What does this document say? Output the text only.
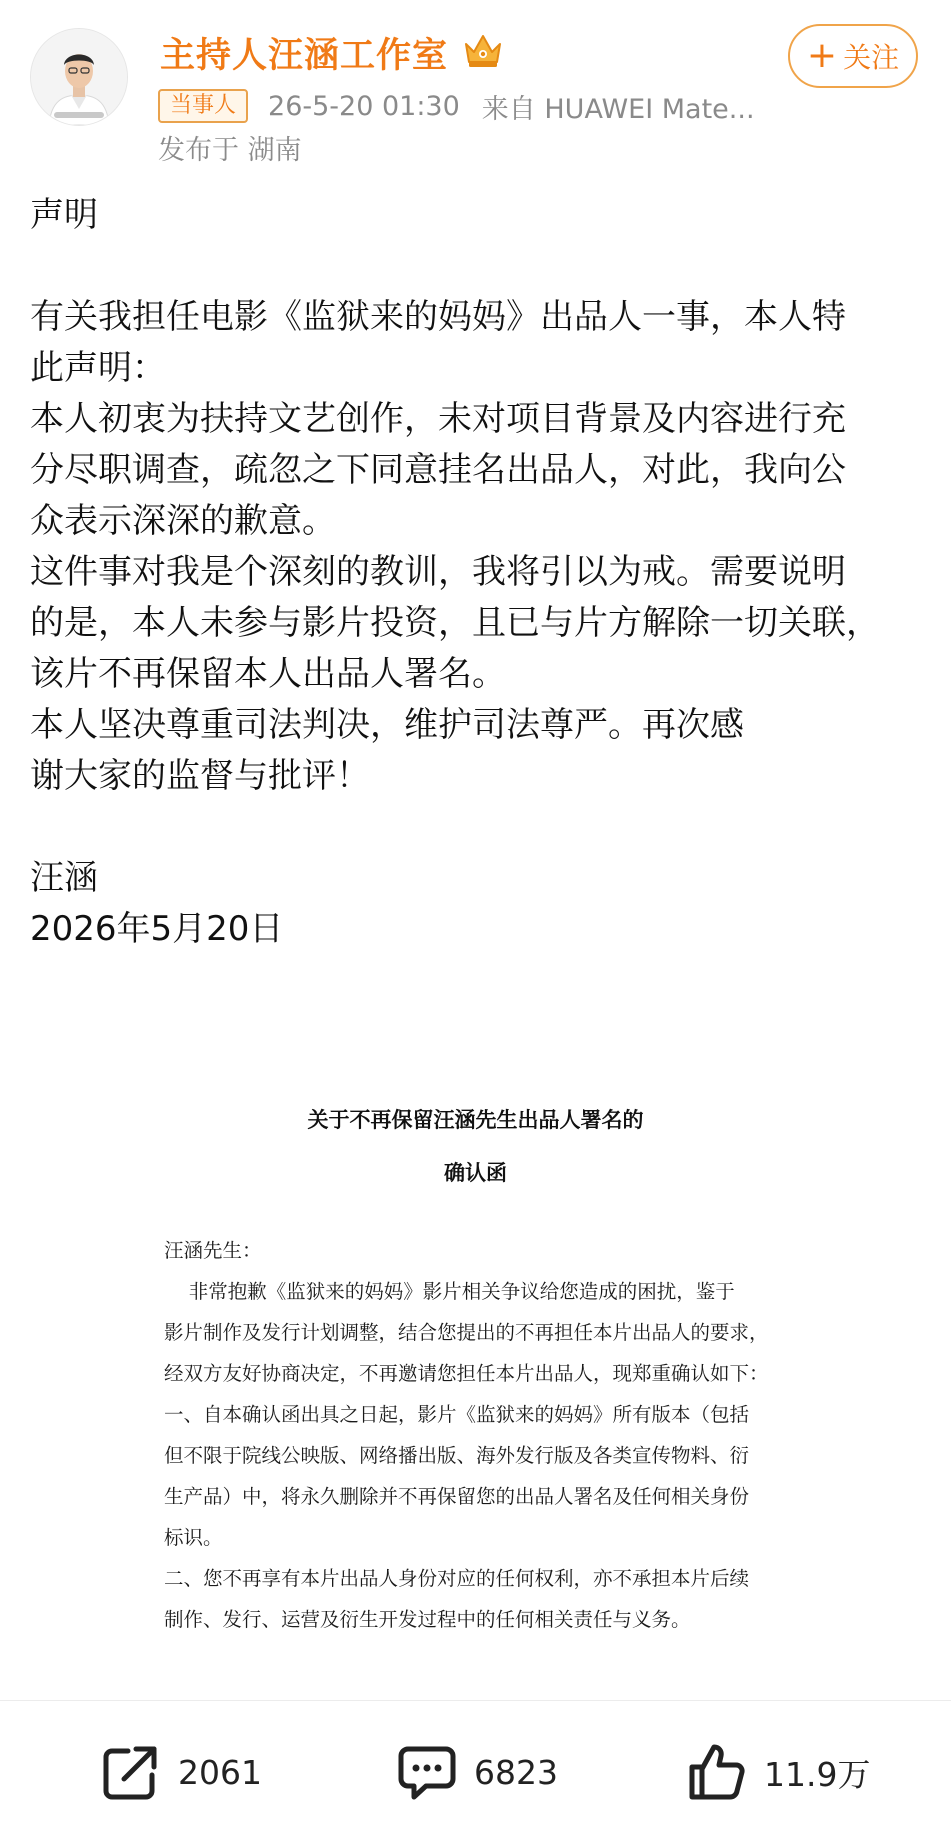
主持人汪涵工作室	+ 关注
当事人	26-5-20 01:30 来自 HUAWEI Mate...
发布于 湖南

声明

有关我担任电影《监狱来的妈妈》出品人一事，本人特

此声明：

本人初衷为扶持文艺创作，未对项目背景及内容进行充

分尽职调查，疏忽之下同意挂名出品人，对此，我向公

众表示深深的歉意。

这件事对我是个深刻的教训，我将引以为戒。需要说明

的是，本人未参与影片投资，且已与片方解除一切关联，

该片不再保留本人出品人署名。

本人坚决尊重司法判决，维护司法尊严。再次感

谢大家的监督与批评！

汪涵

2026年5月20日

关于不再保留汪涵先生出品人署名的
确认函
汪涵先生：
非常抱歉《监狱来的妈妈》影片相关争议给您造成的困扰，鉴于
影片制作及发行计划调整，结合您提出的不再担任本片出品人的要求，
经双方友好协商决定，不再邀请您担任本片出品人，现郑重确认如下：
一、自本确认函出具之日起，影片《监狱来的妈妈》所有版本（包括
但不限于院线公映版、网络播出版、海外发行版及各类宣传物料、衍
生产品）中，将永久删除并不再保留您的出品人署名及任何相关身份
标识。
二、您不再享有本片出品人身份对应的任何权利，亦不承担本片后续
制作、发行、运营及衍生开发过程中的任何相关责任与义务。
2061	6823	11.9万
